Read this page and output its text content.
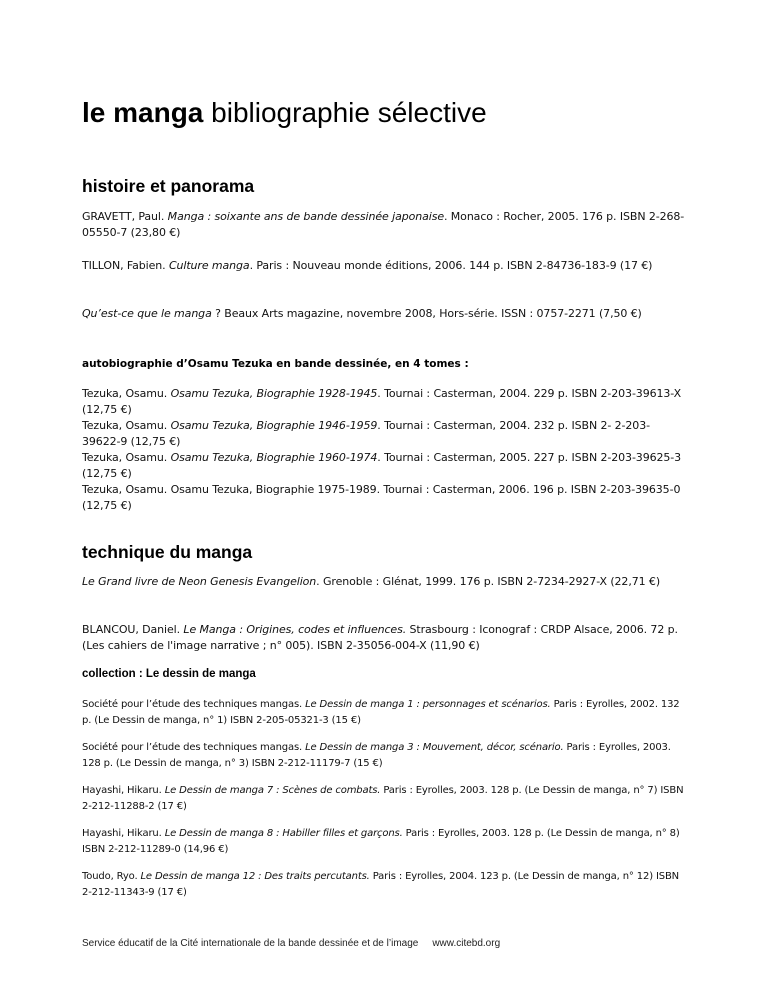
le manga bibliographie sélective
histoire et panorama

GRAVETT, Paul. Manga : soixante ans de bande dessinée japonaise. Monaco : Rocher, 2005. 176 p. ISBN 2-268-05550-7 (23,80 €)

TILLON, Fabien. Culture manga. Paris : Nouveau monde éditions, 2006. 144 p. ISBN 2-84736-183-9 (17 €)

Qu’est-ce que le manga ? Beaux Arts magazine, novembre 2008, Hors-série. ISSN : 0757-2271 (7,50 €)

autobiographie d’Osamu Tezuka en bande dessinée, en 4 tomes :

Tezuka, Osamu. Osamu Tezuka, Biographie 1928-1945. Tournai : Casterman, 2004. 229 p. ISBN 2-203-39613-X (12,75 €)

Tezuka, Osamu. Osamu Tezuka, Biographie 1946-1959. Tournai : Casterman, 2004. 232 p. ISBN 2- 2-203-39622-9 (12,75 €)

Tezuka, Osamu. Osamu Tezuka, Biographie 1960-1974. Tournai : Casterman, 2005. 227 p. ISBN 2-203-39625-3 (12,75 €)

Tezuka, Osamu. Osamu Tezuka, Biographie 1975-1989. Tournai : Casterman, 2006. 196 p. ISBN 2-203-39635-0 (12,75 €)

technique du manga

Le Grand livre de Neon Genesis Evangelion. Grenoble : Glénat, 1999. 176 p. ISBN 2-7234-2927-X (22,71 €)

BLANCOU, Daniel. Le Manga : Origines, codes et influences. Strasbourg : Iconograf : CRDP Alsace, 2006. 72 p. (Les cahiers de l'image narrative ; n° 005). ISBN 2-35056-004-X (11,90 €)

collection : Le dessin de manga

Société pour l’étude des techniques mangas. Le Dessin de manga 1 : personnages et scénarios. Paris : Eyrolles, 2002. 132 p. (Le Dessin de manga, n° 1) ISBN 2-205-05321-3 (15 €)

Société pour l’étude des techniques mangas. Le Dessin de manga 3 : Mouvement, décor, scénario. Paris : Eyrolles, 2003. 128 p. (Le Dessin de manga, n° 3) ISBN 2-212-11179-7 (15 €)

Hayashi, Hikaru. Le Dessin de manga 7 : Scènes de combats. Paris : Eyrolles, 2003. 128 p. (Le Dessin de manga, n° 7) ISBN 2-212-11288-2 (17 €)

Hayashi, Hikaru. Le Dessin de manga 8 : Habiller filles et garçons. Paris : Eyrolles, 2003. 128 p. (Le Dessin de manga, n° 8) ISBN 2-212-11289-0 (14,96 €)

Toudo, Ryo. Le Dessin de manga 12 : Des traits percutants. Paris : Eyrolles, 2004. 123 p. (Le Dessin de manga, n° 12) ISBN 2-212-11343-9 (17 €)

Service éducatif de la Cité internationale de la bande dessinée et de l’image www.citebd.org
